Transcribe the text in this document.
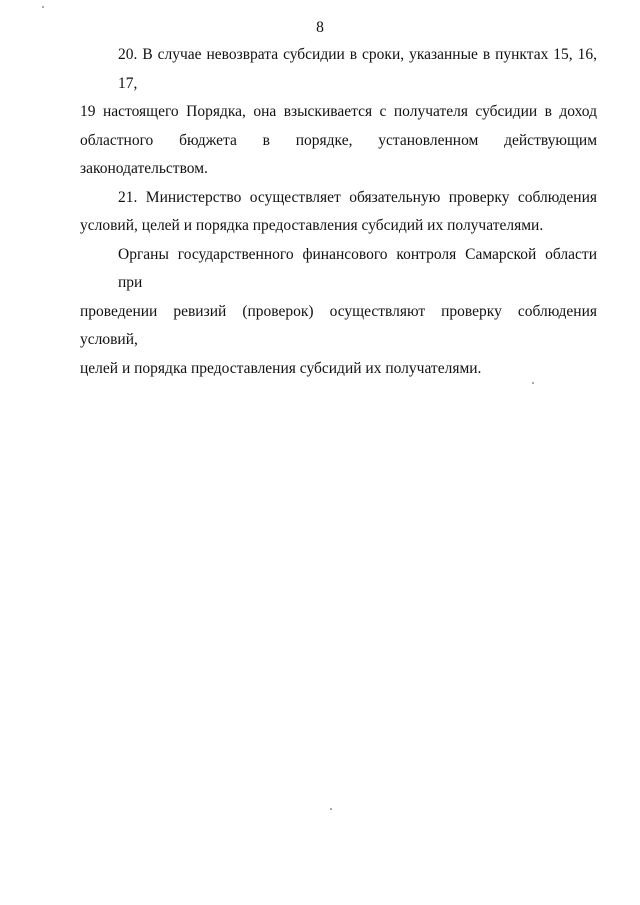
8
20. В случае невозврата субсидии в сроки, указанные в пунктах 15, 16, 17,
19 настоящего Порядка, она взыскивается с получателя субсидии в доход
областного бюджета в порядке, установленном действующим
законодательством.
21. Министерство осуществляет обязательную проверку соблюдения
условий, целей и порядка предоставления субсидий их получателями.
Органы государственного финансового контроля Самарской области при
проведении ревизий (проверок) осуществляют проверку соблюдения условий,
целей и порядка предоставления субсидий их получателями.
